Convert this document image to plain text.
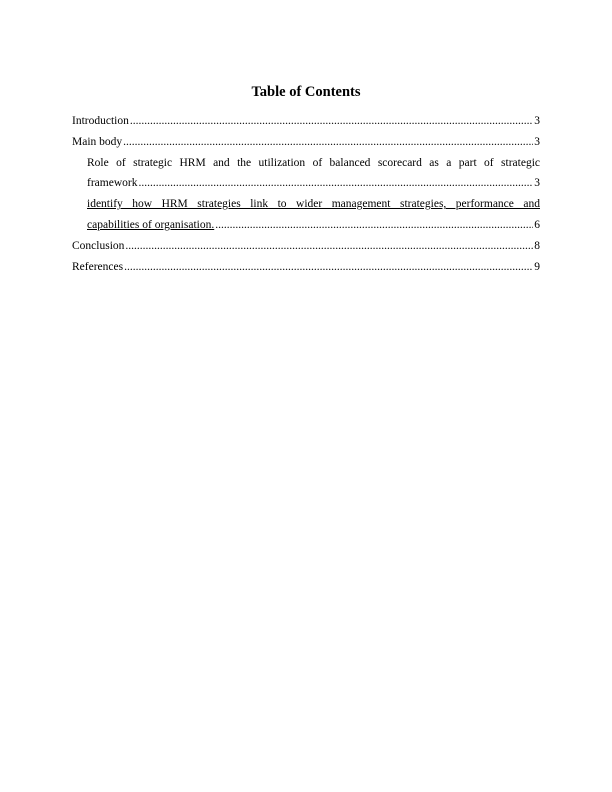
Table of Contents
Introduction .....	3
Main body .....	3
Role of strategic HRM and the utilization of balanced scorecard as a part of strategic
framework .....	3
identify how HRM strategies link to wider management strategies, performance and
capabilities of organisation. .....	6
Conclusion .....	8
References .....	9
